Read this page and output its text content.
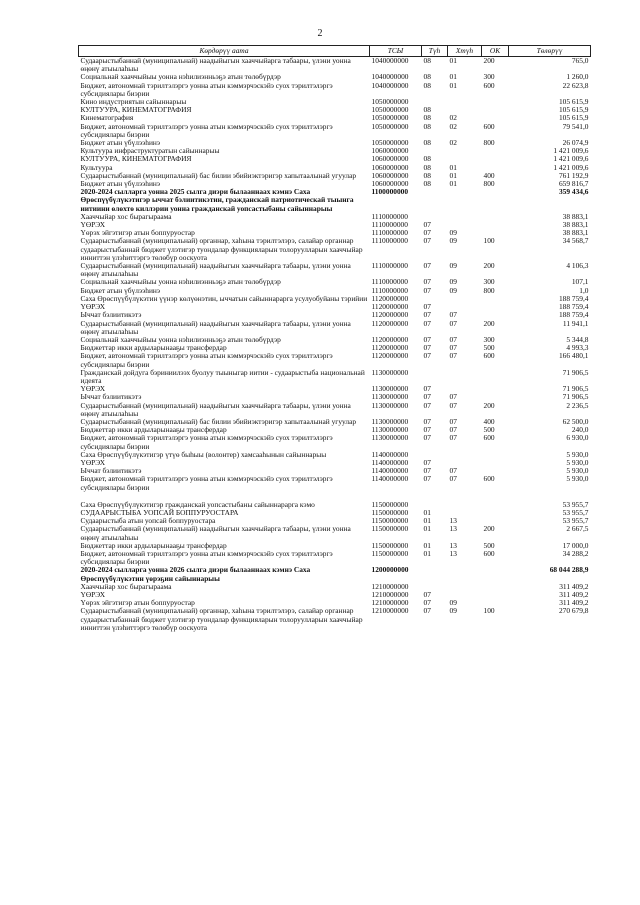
2
Көрдөрүү аата	ТСЫ	Түһ	Хтүһ	ОК	Төлөрүү
Судаарыстыбаннай (муниципальнай) наадыйыгын хааччыйарга табаары, үлэни уонна өңөнү атыылаһыы	1040000000	08	01	200	765,0
Социальнай хааччыйыы уонна нэһилиэнньэҕэ атын төлөбүрдэр	1040000000	08	01	300	1 260,0
Бюджет, автономнай тэрилтэлэргэ уонна атын кэммэрчэскэйэ суох тэрилтэлэргэ субсидиялары биэрии	1040000000	08	01	600	22 623,8
Кино индустриятын сайыннарыы	1050000000				105 615,9
КУЛТУУРА, КИНЕМАТОГРАФИЯ	1050000000	08			105 615,9
Кинематография	1050000000	08	02		105 615,9
Бюджет, автономнай тэрилтэлэргэ уонна атын кэммэрчэскэйэ суох тэрилтэлэргэ субсидиялары биэрии	1050000000	08	02	600	79 541,0
Бюджет атын үбүлээһинэ	1050000000	08	02	800	26 074,9
Культуура инфраструктуратын сайыннарыы	1060000000				1 421 009,6
КУЛТУУРА, КИНЕМАТОГРАФИЯ	1060000000	08			1 421 009,6
Культуура	1060000000	08	01		1 421 009,6
Судаарыстыбаннай (муниципальнай) бас билии эбийиэктэригэр хапытаалынай угуулар	1060000000	08	01	400	761 192,9
Бюджет атын үбүлээһинэ	1060000000	08	01	800	659 816,7
2020-2024 сылларга уонна 2025 сылга диэри былааннаах кэмнэ Саха Өрөспүүбүлүкэтигэр ыччат бэлиитикэтин, гражданскай патриотическай тыынга иитиини өлөхтө киллэрии уонна гражданскай уопсастыбаны сайыннарыы	1100000000				359 434,6
Хааччыйар хос бырагыраама	1110000000				38 883,1
ҮӨРЭХ	1110000000	07			38 883,1
Үөрэх эйгэтигэр атын боппуруостар	1110000000	07	09		38 883,1
Судаарыстыбаннай (муниципальнай) органнар, хаһына тэрилтэлэрэ, салайар органнар судаарыстыбаннай бюджет үлэтигэр туондалар функцияларын толоруулларын хааччыйар инниттэн үлэһиттэргэ төлөбүр ооскуота	1110000000	07	09	100	34 568,7
Судаарыстыбаннай (муниципальнай) наадыйыгын хааччыйарга табаары, үлэни уонна өңөнү атыылаһыы	1110000000	07	09	200	4 106,3
Социальнай хааччыйыы уонна нэһилиэнньэҕэ атын төлөбүрдэр	1110000000	07	09	300	107,1
Бюджет атын үбүлээһинэ	1110000000	07	09	800	1,0
Саха Өрөспүүбүлүкэтин үүнэр көлүөнэтин, ыччатын сайыннарарга усулуобуйаны тэрийии	1120000000				188 759,4
ҮӨРЭХ	1120000000	07			188 759,4
Ыччат бэлиитикэтэ	1120000000	07	07		188 759,4
Судаарыстыбаннай (муниципальнай) наадыйыгын хааччыйарга табаары, үлэни уонна өңөнү атыылаһыы	1120000000	07	07	200	11 941,1
Социальнай хааччыйыы уонна нэһилиэнньэҕэ атын төлөбүрдэр	1120000000	07	07	300	5 344,8
Бюджеттар икки ардыларынааҕы трансфердар	1120000000	07	07	500	4 993,3
Бюджет, автономнай тэрилтэлэргэ уонна атын кэммэрчэскэйэ суох тэрилтэлэргэ субсидиялары биэрии	1120000000	07	07	600	166 480,1
Гражданскай дойдуга бэриниилээх буолуу тыыныгар иитии - судаарыстыба национальнай идеята	1130000000				71 906,5
ҮӨРЭХ	1130000000	07			71 906,5
Ыччат бэлиитикэтэ	1130000000	07	07		71 906,5
Судаарыстыбаннай (муниципальнай) наадыйыгын хааччыйарга табаары, үлэни уонна өңөнү атыылаһыы	1130000000	07	07	200	2 236,5
Судаарыстыбаннай (муниципальнай) бас билии эбийиэктэригэр хапытаалынай угуулар	1130000000	07	07	400	62 500,0
Бюджеттар икки ардыларынааҕы трансфердар	1130000000	07	07	500	240,0
Бюджет, автономнай тэрилтэлэргэ уонна атын кэммэрчэскэйэ суох тэрилтэлэргэ субсидиялары биэрии	1130000000	07	07	600	6 930,0
Саха Өрөспүүбүлүкэтигэр үтүө быһыы (волонтер) хамсааһынын сайыннарыы	1140000000				5 930,0
ҮӨРЭХ	1140000000	07			5 930,0
Ыччат бэлиитикэтэ	1140000000	07	07		5 930,0
Бюджет, автономнай тэрилтэлэргэ уонна атын кэммэрчэскэйэ суох тэрилтэлэргэ субсидиялары биэрии	1140000000	07	07	600	5 930,0

Саха Өрөспүүбүлүкэтигэр гражданскай уопсастыбаны сайыннарарга кэмо	1150000000				53 955,7
СУДААРЫСТЫБА УОПСАЙ БОППУРУОСТАРА	1150000000	01			53 955,7
Судаарыстыба атын уопсай боппуруостара	1150000000	01	13		53 955,7
Судаарыстыбаннай (муниципальнай) наадыйыгын хааччыйарга табаары, үлэни уонна өңөнү атыылаһыы	1150000000	01	13	200	2 667,5
Бюджеттар икки ардыларынааҕы трансфердар	1150000000	01	13	500	17 000,0
Бюджет, автономнай тэрилтэлэргэ уонна атын кэммэрчэскэйэ суох тэрилтэлэргэ субсидиялары биэрии	1150000000	01	13	600	34 288,2
2020-2024 сылларга уонна 2026 сылга диэри былааннаах кэмнэ Саха Өрөспүүбүлүкэтин үөрэҕин сайыннарыы	1200000000				68 044 288,9
Хааччыйар хос бырагыраама	1210000000				311 409,2
ҮӨРЭХ	1210000000	07			311 409,2
Үөрэх эйгэтигэр атын боппуруостар	1210000000	07	09		311 409,2
Судаарыстыбаннай (муниципальнай) органнар, хаһына тэрилтэлэрэ, салайар органнар судаарыстыбаннай бюджет үлэтигэр туондалар функцияларын толоруулларын хааччыйар инниттэн үлэһиттэргэ төлөбүр ооскуота	1210000000	07	09	100	270 679,8
